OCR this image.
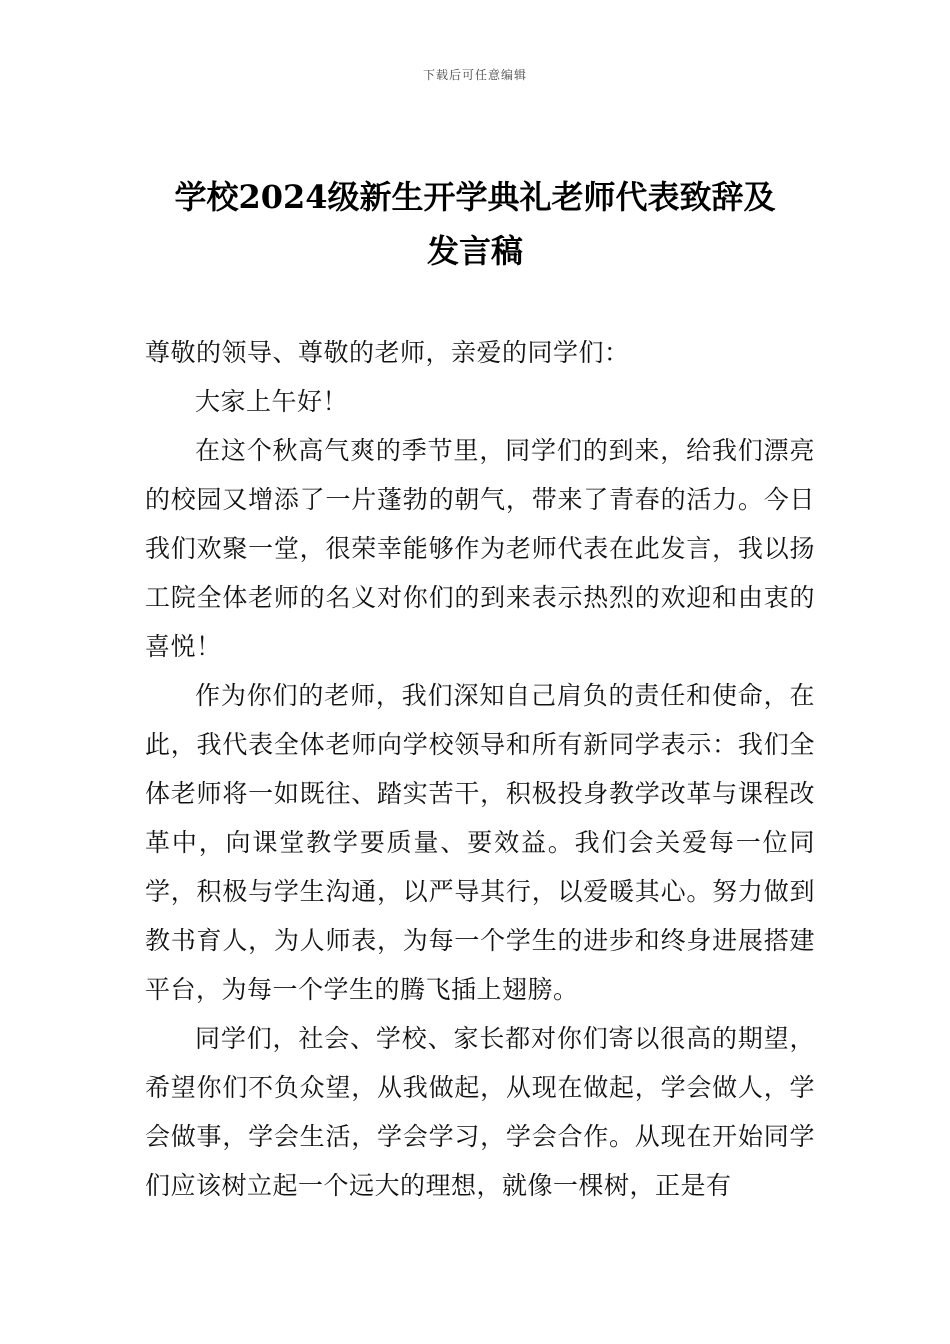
下载后可任意编辑
学校2024级新生开学典礼老师代表致辞及
发言稿

尊敬的领导、尊敬的老师，亲爱的同学们：

大家上午好！

在这个秋高气爽的季节里，同学们的到来，给我们漂亮的校园又增添了一片蓬勃的朝气，带来了青春的活力。今日我们欢聚一堂，很荣幸能够作为老师代表在此发言，我以扬工院全体老师的名义对你们的到来表示热烈的欢迎和由衷的喜悦！

作为你们的老师，我们深知自己肩负的责任和使命，在此，我代表全体老师向学校领导和所有新同学表示：我们全体老师将一如既往、踏实苦干，积极投身教学改革与课程改革中，向课堂教学要质量、要效益。我们会关爱每一位同学，积极与学生沟通，以严导其行，以爱暖其心。努力做到教书育人，为人师表，为每一个学生的进步和终身进展搭建平台，为每一个学生的腾飞插上翅膀。

同学们，社会、学校、家长都对你们寄以很高的期望，希望你们不负众望，从我做起，从现在做起，学会做人，学会做事，学会生活，学会学习，学会合作。从现在开始同学们应该树立起一个远大的理想，就像一棵树，正是有
